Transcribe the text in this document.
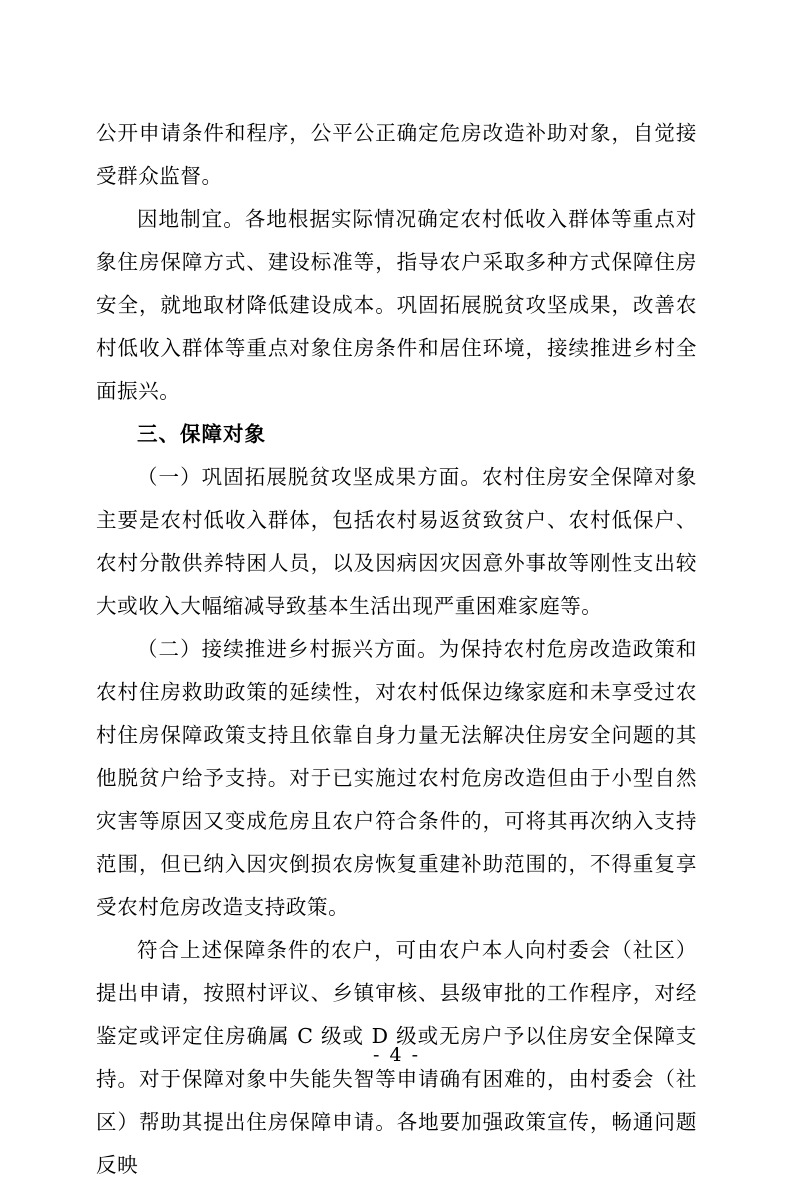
公开申请条件和程序，公平公正确定危房改造补助对象，自觉接受群众监督。

因地制宜。各地根据实际情况确定农村低收入群体等重点对象住房保障方式、建设标准等，指导农户采取多种方式保障住房安全，就地取材降低建设成本。巩固拓展脱贫攻坚成果，改善农村低收入群体等重点对象住房条件和居住环境，接续推进乡村全面振兴。

三、保障对象

（一）巩固拓展脱贫攻坚成果方面。农村住房安全保障对象主要是农村低收入群体，包括农村易返贫致贫户、农村低保户、农村分散供养特困人员，以及因病因灾因意外事故等刚性支出较大或收入大幅缩减导致基本生活出现严重困难家庭等。

（二）接续推进乡村振兴方面。为保持农村危房改造政策和农村住房救助政策的延续性，对农村低保边缘家庭和未享受过农村住房保障政策支持且依靠自身力量无法解决住房安全问题的其他脱贫户给予支持。对于已实施过农村危房改造但由于小型自然灾害等原因又变成危房且农户符合条件的，可将其再次纳入支持范围，但已纳入因灾倒损农房恢复重建补助范围的，不得重复享受农村危房改造支持政策。

符合上述保障条件的农户，可由农户本人向村委会（社区）提出申请，按照村评议、乡镇审核、县级审批的工作程序，对经鉴定或评定住房确属 C 级或 D 级或无房户予以住房安全保障支持。对于保障对象中失能失智等申请确有困难的，由村委会（社区）帮助其提出住房保障申请。各地要加强政策宣传，畅通问题反映

- 4 -
